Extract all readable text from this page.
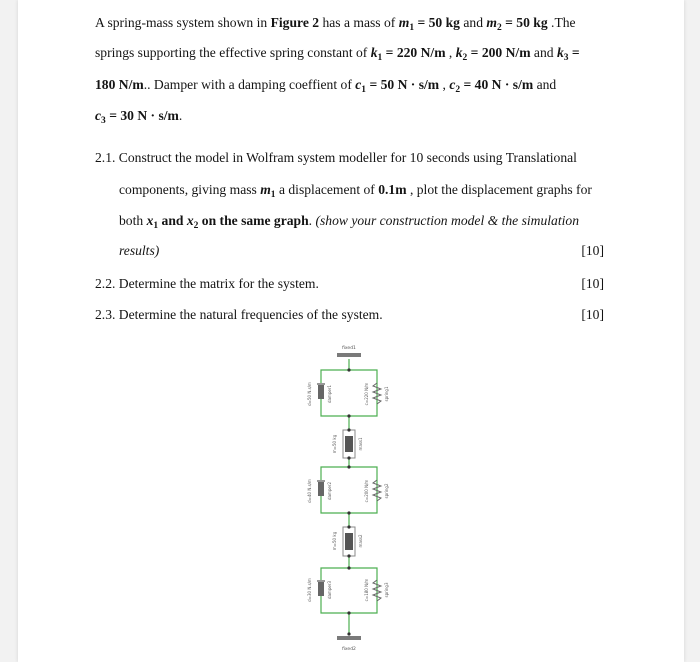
A spring-mass system shown in Figure 2 has a mass of $m_1 = 50$ kg and $m_2 = 50$ kg .The
springs supporting the effective spring constant of $k_1 = 220$ N/m , $k_2 = 200$ N/m and $k_3$ =
180 N/m.. Damper with a damping coeffient of $c_1 = 50$ N · s/m , $c_2 = 40$ N · s/m and
$c_3 = 30$ N · s/m.
2.1. Construct the model in Wolfram system modeller for 10 seconds using Translational
components, giving mass $m_1$ a displacement of 0.1m , plot the displacement graphs for
both $x_1$ and $x_2$ on the same graph. (show your construction model & the simulation
results)	[10]
2.2. Determine the matrix for the system.	[10]
2.3. Determine the natural frequencies of the system.	[10]
fixed1
d=50 N.s/m	damper1	c=220 N/m	spring1
m=50 kg	mass1
d=40 N.s/m	damper2	c=200 N/m	spring2
m=50 kg	mass2
d=30 N.s/m	damper3	c=180 N/m	spring3
fixed2
